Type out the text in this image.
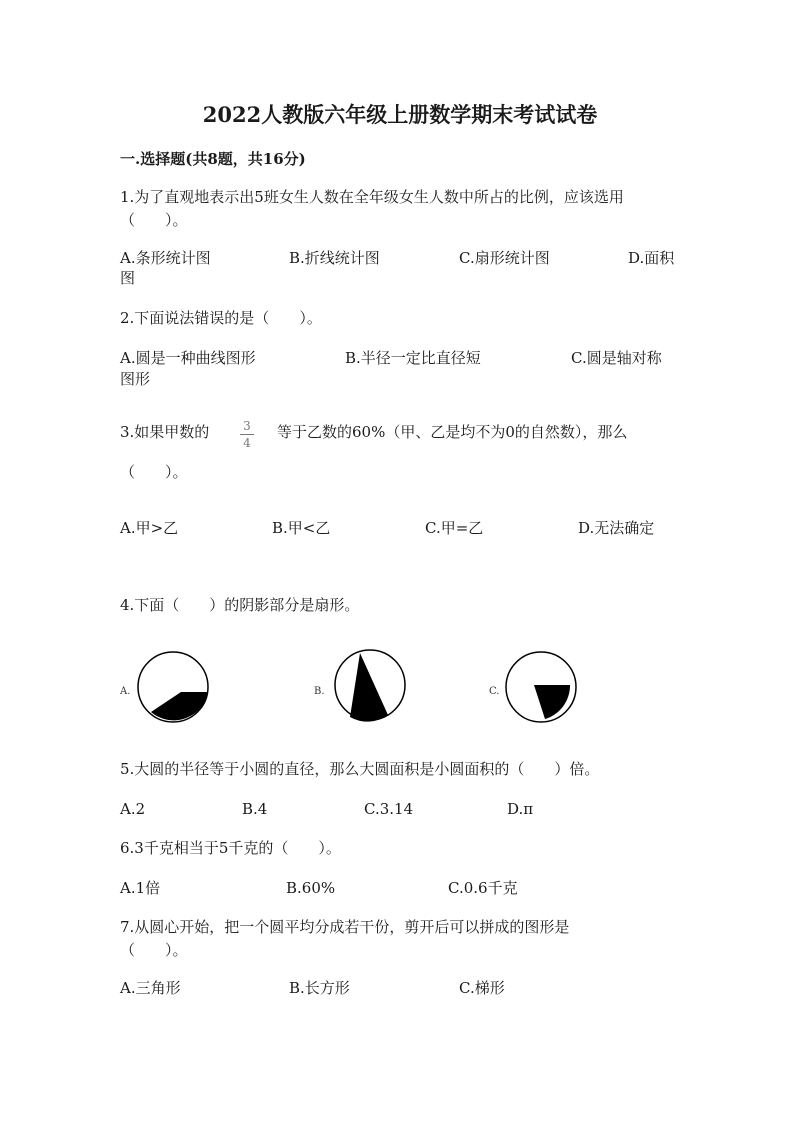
2022人教版六年级上册数学期末考试试卷
一.选择题(共8题，共16分)
1.为了直观地表示出5班女生人数在全年级女生人数中所占的比例，应该选用
（　　）。
A.条形统计图	B.折线统计图	C.扇形统计图	D.面积
图
2.下面说法错误的是（　　）。
A.圆是一种曲线图形	B.半径一定比直径短	C.圆是轴对称
图形
3.如果甲数的	3
4
等于乙数的60%（甲、乙是均不为0的自然数），那么
（　　）。
A.甲>乙	B.甲<乙	C.甲=乙	D.无法确定
4.下面（　　）的阴影部分是扇形。
A.	B.	C.
5.大圆的半径等于小圆的直径，那么大圆面积是小圆面积的（　　）倍。
A.2	B.4	C.3.14	D.π
6.3千克相当于5千克的（　　）。
A.1倍	B.60%	C.0.6千克
7.从圆心开始，把一个圆平均分成若干份，剪开后可以拼成的图形是
（　　）。
A.三角形	B.长方形	C.梯形
